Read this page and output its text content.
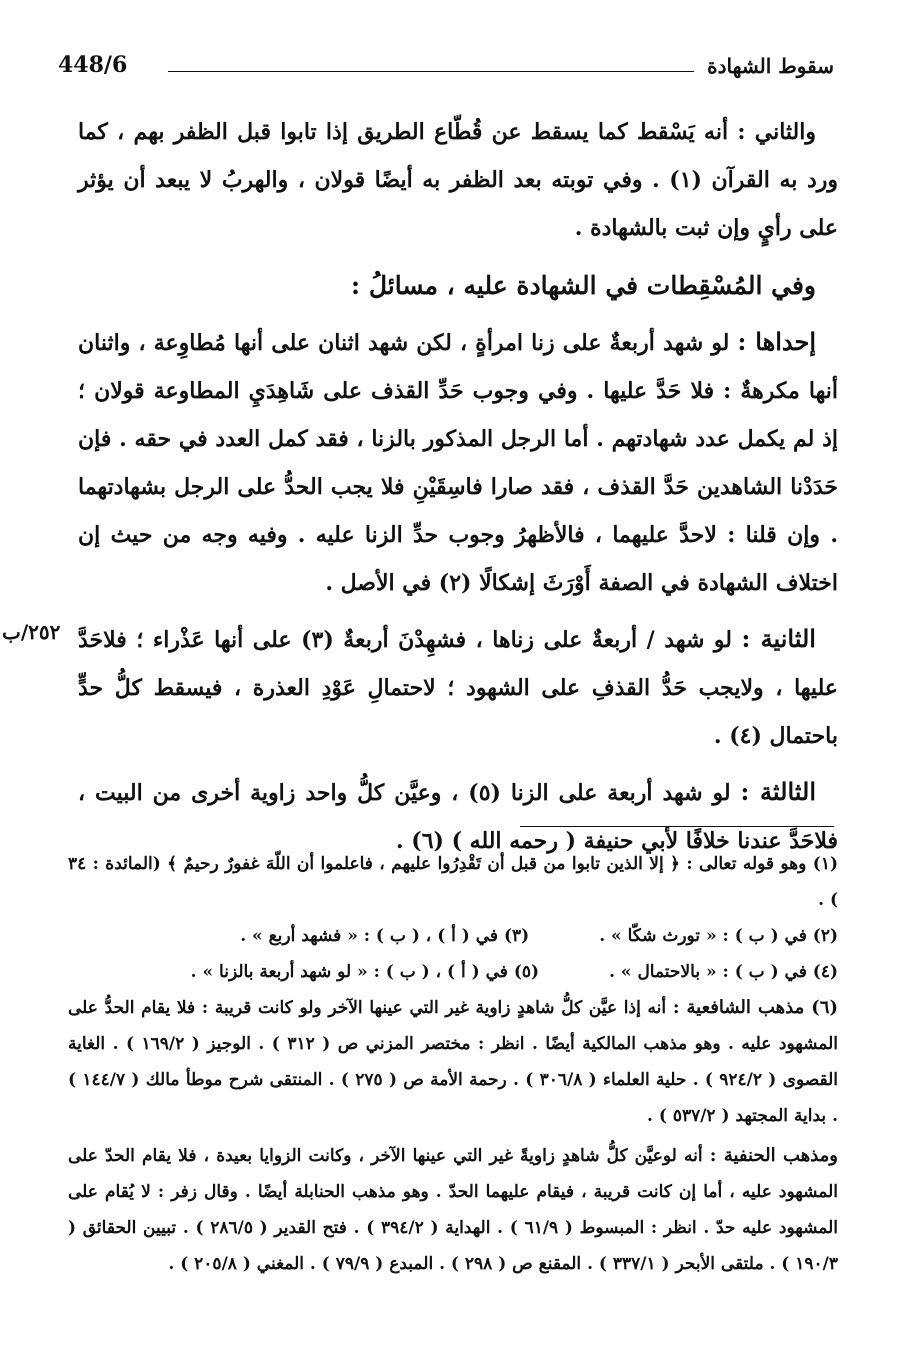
سقوط الشهادة
448/6

والثاني : أنه يَسْقط كما يسقط عن قُطّاع الطريق إذا تابوا قبل الظفر بهم ، كما ورد به القرآن (١) . وفي توبته بعد الظفر به أيضًا قولان ، والهربُ لا يبعد أن يؤثر على رأيٍ وإن ثبت بالشهادة .

وفي المُسْقِطات في الشهادة عليه ، مسائلُ :

إحداها : لو شهد أربعةٌ على زنا امرأةٍ ، لكن شهد اثنان على أنها مُطاوِعة ، واثنان أنها مكرهةٌ : فلا حَدَّ عليها . وفي وجوب حَدِّ القذف على شَاهِدَيِ المطاوعة قولان ؛ إذ لم يكمل عدد شهادتهم . أما الرجل المذكور بالزنا ، فقد كمل العدد في حقه . فإن حَدَدْنا الشاهدين حَدَّ القذف ، فقد صارا فاسِقَيْنِ فلا يجب الحدُّ على الرجل بشهادتهما . وإن قلنا : لاحدَّ عليهما ، فالأظهرُ وجوب حدِّ الزنا عليه . وفيه وجه من حيث إن اختلاف الشهادة في الصفة أَوْرَثَ إشكالًا (٢) في الأصل .

الثانية : لو شهد / أربعةٌ على زناها ، فشهِدْنَ أربعةٌ (٣) على أنها عَذْراء ؛ فلاحَدَّ عليها ، ولايجب حَدُّ القذفِ على الشهود ؛ لاحتمالِ عَوْدِ العذرة ، فيسقط كلُّ حدٍّ باحتمال (٤) .

الثالثة : لو شهد أربعة على الزنا (٥) ، وعيَّن كلُّ واحد زاوية أخرى من البيت ، فلاحَدَّ عندنا خلافًا لأبي حنيفة ( رحمه الله ) (٦) .

٢٥٢/ب

(١) وهو قوله تعالى : ﴿ إلا الذين تابوا من قبل أن تَقْدِرُوا عليهم ، فاعلموا أن اللّهَ غفورٌ رحيمٌ ﴾ (المائدة : ٣٤ ) .

(٢) في ( ب ) : « تورث شكّا » .
(٣) في ( أ ) ، ( ب ) : « فشهد أربع » .
(٤) في ( ب ) : « بالاحتمال » .
(٥) في ( أ ) ، ( ب ) : « لو شهد أربعة بالزنا » .

(٦) مذهب الشافعية : أنه إذا عيَّن كلُّ شاهدٍ زاوية غير التي عينها الآخر ولو كانت قريبة : فلا يقام الحدُّ على المشهود عليه . وهو مذهب المالكية أيضًا . انظر : مختصر المزني ص ( ٣١٢ ) . الوجيز ( ١٦٩/٢ ) . الغاية القصوى ( ٩٢٤/٢ ) . حلية العلماء ( ٣٠٦/٨ ) . رحمة الأمة ص ( ٢٧٥ ) . المنتقى شرح موطأ مالك ( ١٤٤/٧ ) . بداية المجتهد ( ٥٣٧/٢ ) .

ومذهب الحنفية : أنه لوعيَّن كلُّ شاهدٍ زاويةً غير التي عينها الآخر ، وكانت الزوايا بعيدة ، فلا يقام الحدّ على المشهود عليه ، أما إن كانت قريبة ، فيقام عليهما الحدّ . وهو مذهب الحنابلة أيضًا . وقال زفر : لا يُقام على المشهود عليه حدّ . انظر : المبسوط ( ٦١/٩ ) . الهداية ( ٣٩٤/٢ ) . فتح القدير ( ٢٨٦/٥ ) . تبيين الحقائق ( ١٩٠/٣ ) . ملتقى الأبحر ( ٣٣٧/١ ) . المقنع ص ( ٢٩٨ ) . المبدع ( ٧٩/٩ ) . المغني ( ٢٠٥/٨ ) .
